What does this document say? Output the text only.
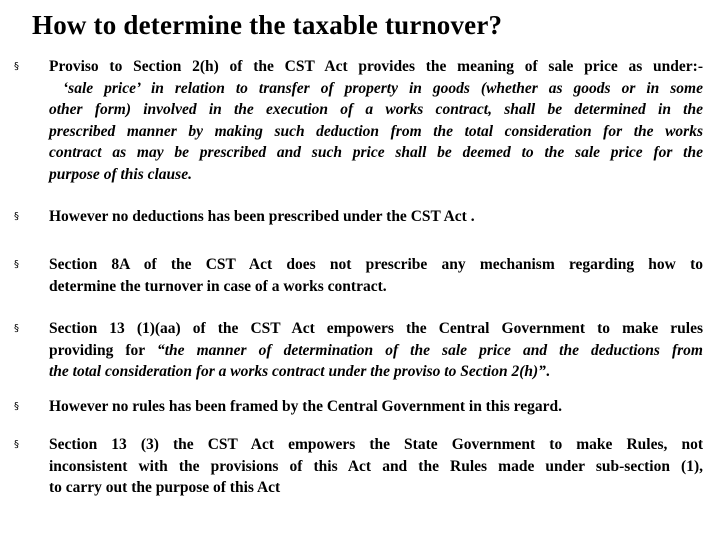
How to determine the taxable turnover?
§ Proviso to Section 2(h) of the CST Act provides the meaning of sale price as under:-
‘sale price’ in relation to transfer of property in goods (whether as goods or in some
other form) involved in the execution of a works contract, shall be determined in the
prescribed manner by making such deduction from the total consideration for the works
contract as may be prescribed and such price shall be deemed to the sale price for the
purpose of this clause.
§ However no deductions has been prescribed under the CST Act .
§ Section 8A of the CST Act does not prescribe any mechanism regarding how to
determine the turnover in case of a works contract.
§ Section 13 (1)(aa) of the CST Act empowers the Central Government to make rules
providing for “the manner of determination of the sale price and the deductions from
the total consideration for a works contract under the proviso to Section 2(h)”.
§ However no rules has been framed by the Central Government in this regard.
§ Section 13 (3) the CST Act empowers the State Government to make Rules, not
inconsistent with the provisions of this Act and the Rules made under sub-section (1),
to carry out the purpose of this Act
